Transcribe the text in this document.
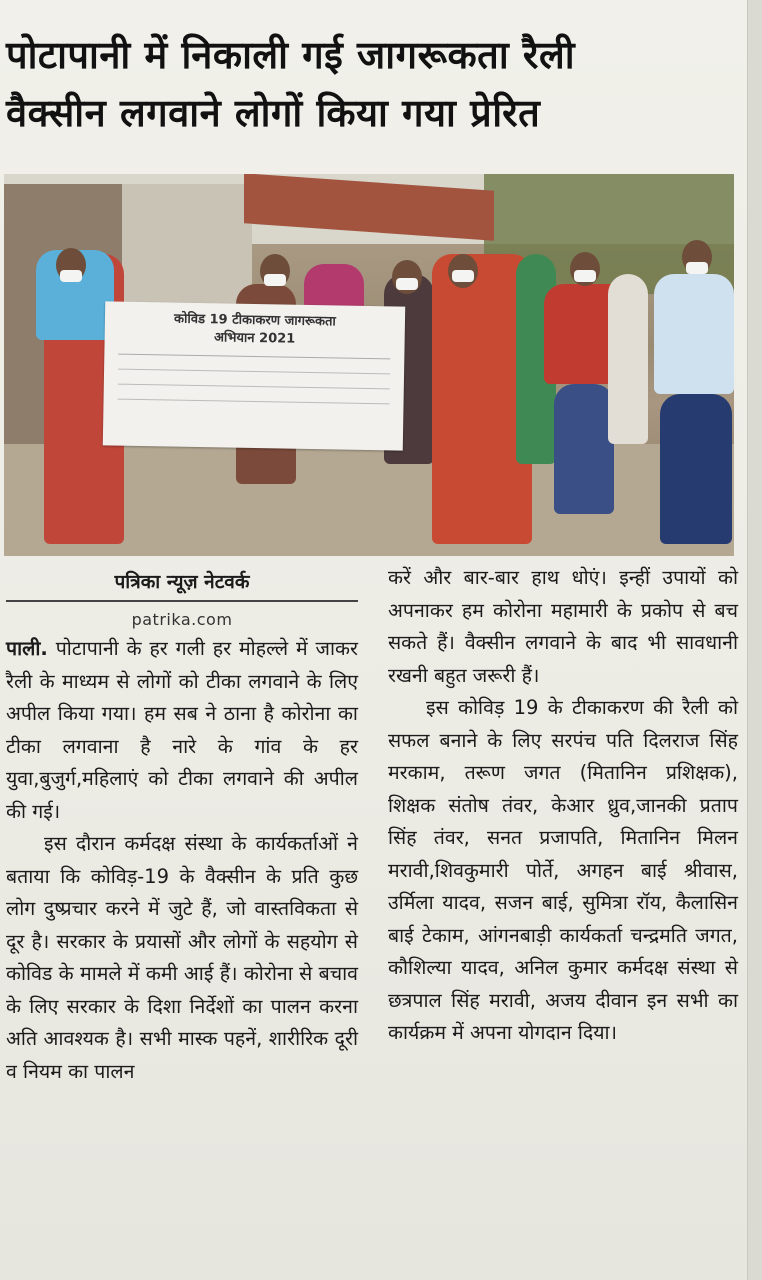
पोटापानी में निकाली गई जागरूकता रैली
वैक्सीन लगवाने लोगों किया गया प्रेरित
कोविड 19 टीकाकरण जागरूकता
अभियान 2021
पत्रिका न्यूज़ नेटवर्क
patrika.com
पाली. पोटापानी के हर गली हर मोहल्ले में जाकर रैली के माध्यम से लोगों को टीका लगवाने के लिए अपील किया गया। हम सब ने ठाना है कोरोना का टीका लगवाना है नारे के गांव के हर युवा,बुजुर्ग,महिलाएं को टीका लगवाने की अपील की गई।
इस दौरान कर्मदक्ष संस्था के कार्यकर्ताओं ने बताया कि कोविड़-19 के वैक्सीन के प्रति कुछ लोग दुष्प्रचार करने में जुटे हैं, जो वास्तविकता से दूर है। सरकार के प्रयासों और लोगों के सहयोग से कोविड के मामले में कमी आई हैं। कोरोना से बचाव के लिए सरकार के दिशा निर्देशों का पालन करना अति आवश्यक है। सभी मास्क पहनें, शारीरिक दूरी व नियम का पालन
करें और बार-बार हाथ धोएं। इन्हीं उपायों को अपनाकर हम कोरोना महामारी के प्रकोप से बच सकते हैं। वैक्सीन लगवाने के बाद भी सावधानी रखनी बहुत जरूरी हैं।
इस कोविड़ 19 के टीकाकरण की रैली को सफल बनाने के लिए सरपंच पति दिलराज सिंह मरकाम, तरूण जगत (मितानिन प्रशिक्षक), शिक्षक संतोष तंवर, केआर ध्रुव,जानकी प्रताप सिंह तंवर, सनत प्रजापति, मितानिन मिलन मरावी,शिवकुमारी पोर्ते, अगहन बाई श्रीवास, उर्मिला यादव, सजन बाई, सुमित्रा रॉय, कैलासिन बाई टेकाम, आंगनबाड़ी कार्यकर्ता चन्द्रमति जगत, कौशिल्या यादव, अनिल कुमार कर्मदक्ष संस्था से छत्रपाल सिंह मरावी, अजय दीवान इन सभी का कार्यक्रम में अपना योगदान दिया।
